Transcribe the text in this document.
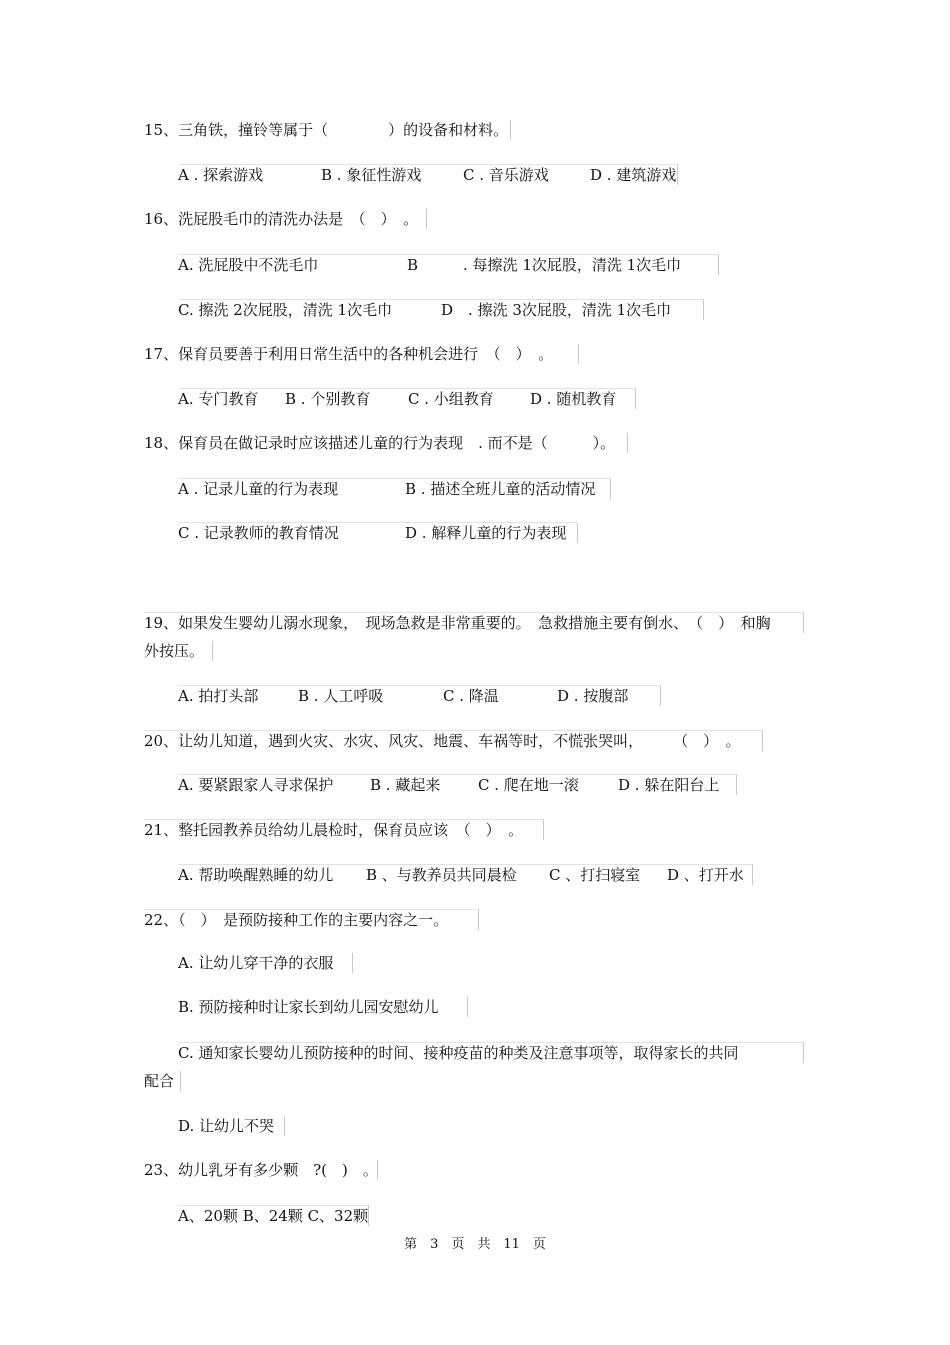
15、三角铁，撞铃等属于（　　　　）的设备和材料。
A . 探索游戏	B . 象征性游戏	C . 音乐游戏	D . 建筑游戏
16、洗屁股毛巾的清洗办法是　（　）　。
A. 洗屁股中不洗毛巾	B　　　. 每擦洗 1次屁股，清洗 1次毛巾
C. 擦洗 2次屁股，清洗 1次毛巾	D　. 擦洗 3次屁股，清洗 1次毛巾
17、保育员要善于利用日常生活中的各种机会进行　（　）　。
A. 专门教育 B . 个别教育	C . 小组教育 D . 随机教育
18、保育员在做记录时应该描述儿童的行为表现　. 而不是（　　　）。
A . 记录儿童的行为表现	B . 描述全班儿童的活动情况
C . 记录教师的教育情况	D . 解释儿童的行为表现
19、如果发生婴幼儿溺水现象，　现场急救是非常重要的。　急救措施主要有倒水、　（　）　和胸
外按压。
A. 拍打头部	B . 人工呼吸	C . 降温	D . 按腹部
20、让幼儿知道，遇到火灾、水灾、风灾、地震、车祸等时，不慌张哭叫，　　　（　）　。
A. 要紧跟家人寻求保护 B . 藏起来	C . 爬在地一滚	D . 躲在阳台上
21、整托园教养员给幼儿晨检时，保育员应该　（　）　。
A. 帮助唤醒熟睡的幼儿 B 、与教养员共同晨检 C 、打扫寝室 D 、打开水
22、（　）　是预防接种工作的主要内容之一。
A. 让幼儿穿干净的衣服
B. 预防接种时让家长到幼儿园安慰幼儿
C. 通知家长婴幼儿预防接种的时间、接种疫苗的种类及注意事项等，取得家长的共同
配合
D. 让幼儿不哭
23、幼儿乳牙有多少颗　?(　)　。
A、20颗 B、24颗 C、32颗
第　3　页　共　11　页
